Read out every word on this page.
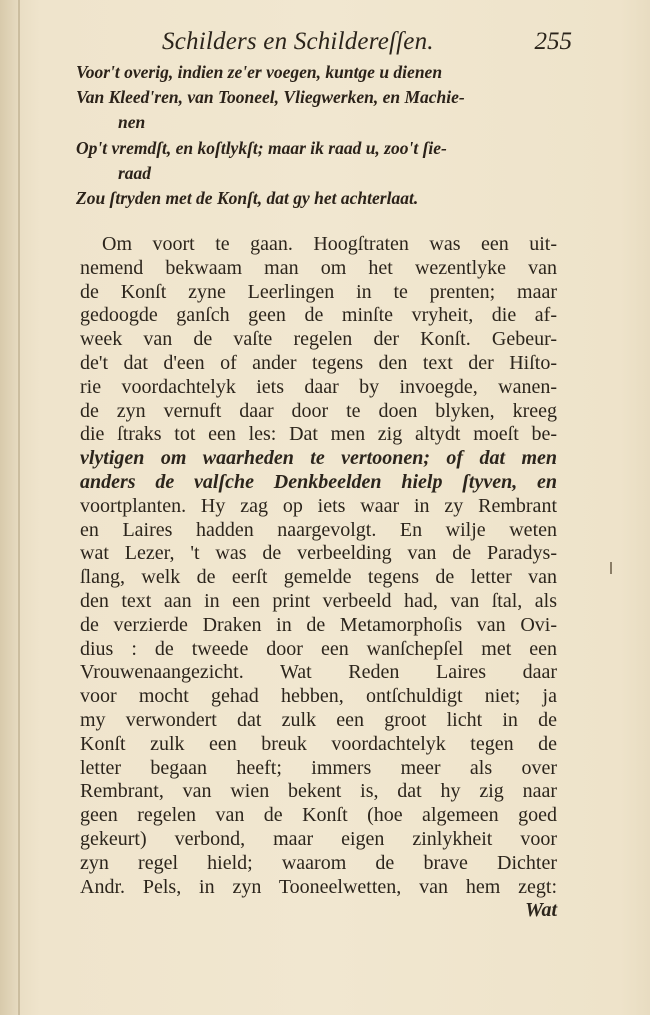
Schilders en Schildereſſen.	255
Voor't overig, indien ze'er voegen, kuntge u dienen
Van Kleed'ren, van Tooneel, Vliegwerken, en Machie-
nen
Op't vremdſt, en koſtlykſt; maar ik raad u, zoo't ſie-
raad
Zou ſtryden met de Konſt, dat gy het achterlaat.
Om voort te gaan. Hoogſtraten was een uit-
nemend bekwaam man om het wezentlyke van
de Konſt zyne Leerlingen in te prenten; maar
gedoogde ganſch geen de minſte vryheit, die af-
week van de vaſte regelen der Konſt. Gebeur-
de't dat d'een of ander tegens den text der Hiſto-
rie voordachtelyk iets daar by invoegde, wanen-
de zyn vernuft daar door te doen blyken, kreeg
die ſtraks tot een les: Dat men zig altydt moeſt be-
vlytigen om waarheden te vertoonen; of dat men
anders de valſche Denkbeelden hielp ſtyven, en
voortplanten. Hy zag op iets waar in zy Rembrant
en Laires hadden naargevolgt. En wilje weten
wat Lezer, 't was de verbeelding van de Paradys-
ſlang, welk de eerſt gemelde tegens de letter van
den text aan in een print verbeeld had, van ſtal, als
de verzierde Draken in de Metamorphoſis van Ovi-
dius : de tweede door een wanſchepſel met een
Vrouwenaangezicht. Wat Reden Laires daar
voor mocht gehad hebben, ontſchuldigt niet; ja
my verwondert dat zulk een groot licht in de
Konſt zulk een breuk voordachtelyk tegen de
letter begaan heeft; immers meer als over
Rembrant, van wien bekent is, dat hy zig naar
geen regelen van de Konſt (hoe algemeen goed
gekeurt) verbond, maar eigen zinlykheit voor
zyn regel hield; waarom de brave Dichter
Andr. Pels, in zyn Tooneelwetten, van hem zegt:
Wat
